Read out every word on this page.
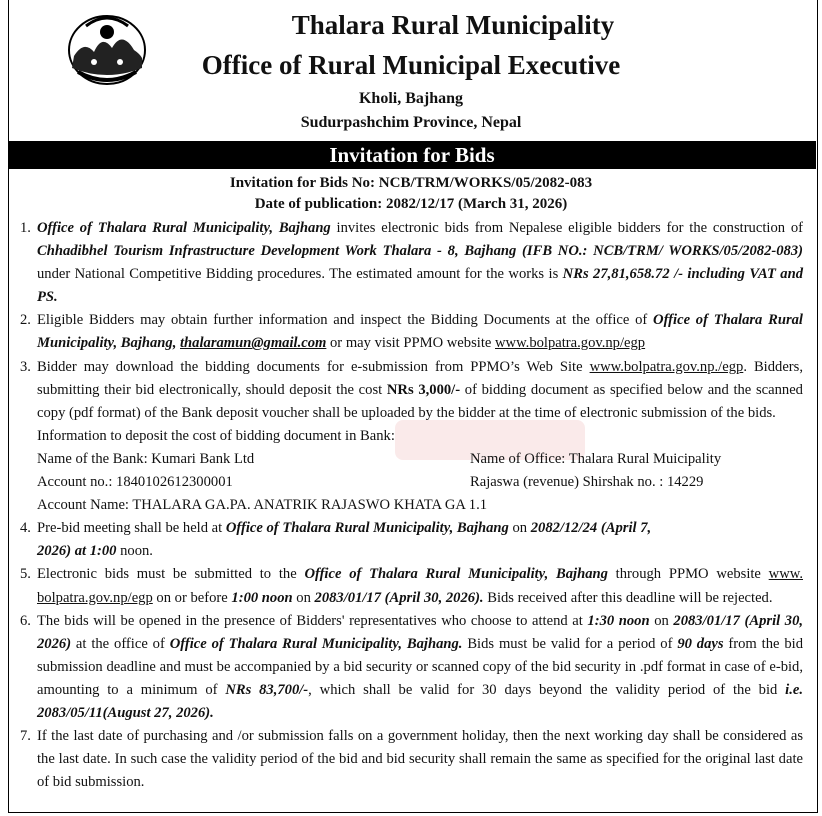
Thalara Rural Municipality
Office of Rural Municipal Executive
Kholi, Bajhang
Sudurpashchim Province, Nepal
Invitation for Bids
Invitation for Bids No: NCB/TRM/WORKS/05/2082-083
Date of publication: 2082/12/17 (March 31, 2026)
1. Office of Thalara Rural Municipality, Bajhang invites electronic bids from Nepalese eligible bidders for the construction of Chhadibhel Tourism Infrastructure Development Work Thalara - 8, Bajhang (IFB NO.: NCB/TRM/ WORKS/05/2082-083) under National Competitive Bidding procedures. The estimated amount for the works is NRs 27,81,658.72 /- including VAT and PS.
2. Eligible Bidders may obtain further information and inspect the Bidding Documents at the office of Office of Thalara Rural Municipality, Bajhang, thalaramun@gmail.com or may visit PPMO website www.bolpatra.gov.np/egp
3. Bidder may download the bidding documents for e-submission from PPMO’s Web Site www.bolpatra.gov.np./egp. Bidders, submitting their bid electronically, should deposit the cost NRs 3,000/- of bidding document as specified below and the scanned copy (pdf format) of the Bank deposit voucher shall be uploaded by the bidder at the time of electronic submission of the bids.
Information to deposit the cost of bidding document in Bank:
Name of the Bank: Kumari Bank Ltd	Name of Office: Thalara Rural Muicipality
Account no.: 1840102612300001	Rajaswa (revenue) Shirshak no. : 14229
Account Name: THALARA GA.PA. ANATRIK RAJASWO KHATA GA 1.1
4. Pre-bid meeting shall be held at Office of Thalara Rural Municipality, Bajhang on 2082/12/24 (April 7,
2026) at 1:00 noon.
5. Electronic bids must be submitted to the Office of Thalara Rural Municipality, Bajhang through PPMO website www. bolpatra.gov.np/egp on or before 1:00 noon on 2083/01/17 (April 30, 2026). Bids received after this deadline will be rejected.
6. The bids will be opened in the presence of Bidders' representatives who choose to attend at 1:30 noon on 2083/01/17 (April 30, 2026) at the office of Office of Thalara Rural Municipality, Bajhang. Bids must be valid for a period of 90 days from the bid submission deadline and must be accompanied by a bid security or scanned copy of the bid security in .pdf format in case of e-bid, amounting to a minimum of NRs 83,700/-, which shall be valid for 30 days beyond the validity period of the bid i.e. 2083/05/11(August 27, 2026).
7. If the last date of purchasing and /or submission falls on a government holiday, then the next working day shall be considered as the last date. In such case the validity period of the bid and bid security shall remain the same as specified for the original last date of bid submission.
